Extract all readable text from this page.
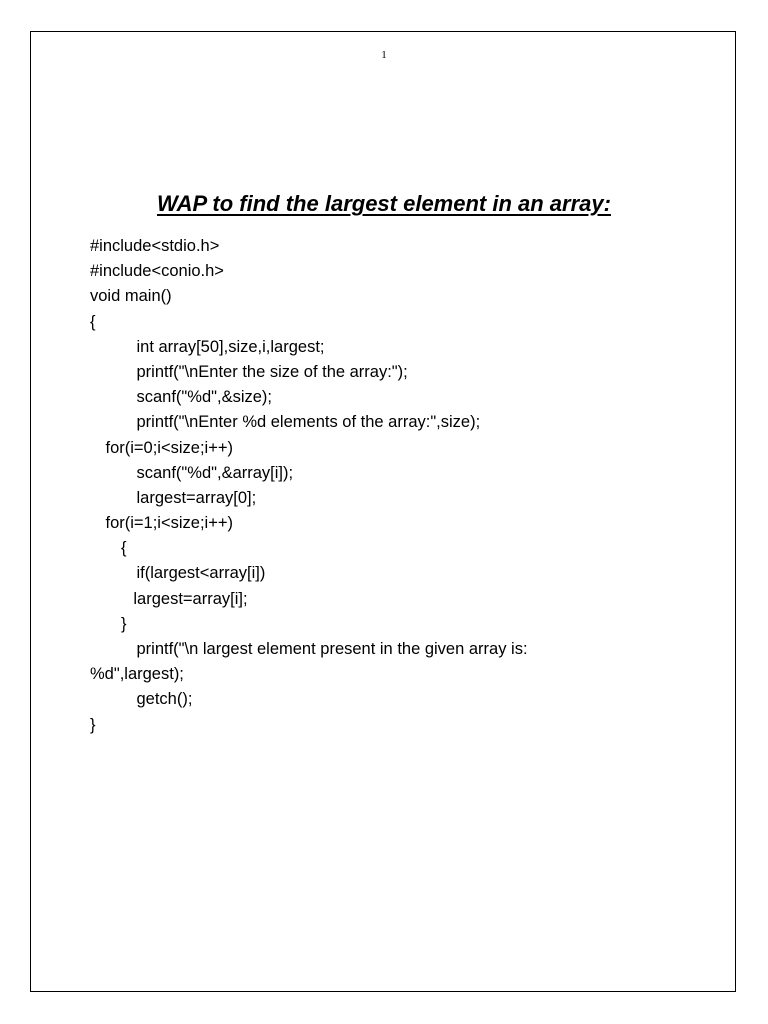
1
WAP to find the largest element in an array:
#include<stdio.h>
#include<conio.h>
void main()
{
int array[50],size,i,largest;
printf("\nEnter the size of the array:");
scanf("%d",&size);
printf("\nEnter %d elements of the array:",size);
for(i=0;i<size;i++)
scanf("%d",&array[i]);
largest=array[0];
for(i=1;i<size;i++)
{
if(largest<array[i])
largest=array[i];
}
printf("\n largest element present in the given array is:
%d",largest);
getch();
}
